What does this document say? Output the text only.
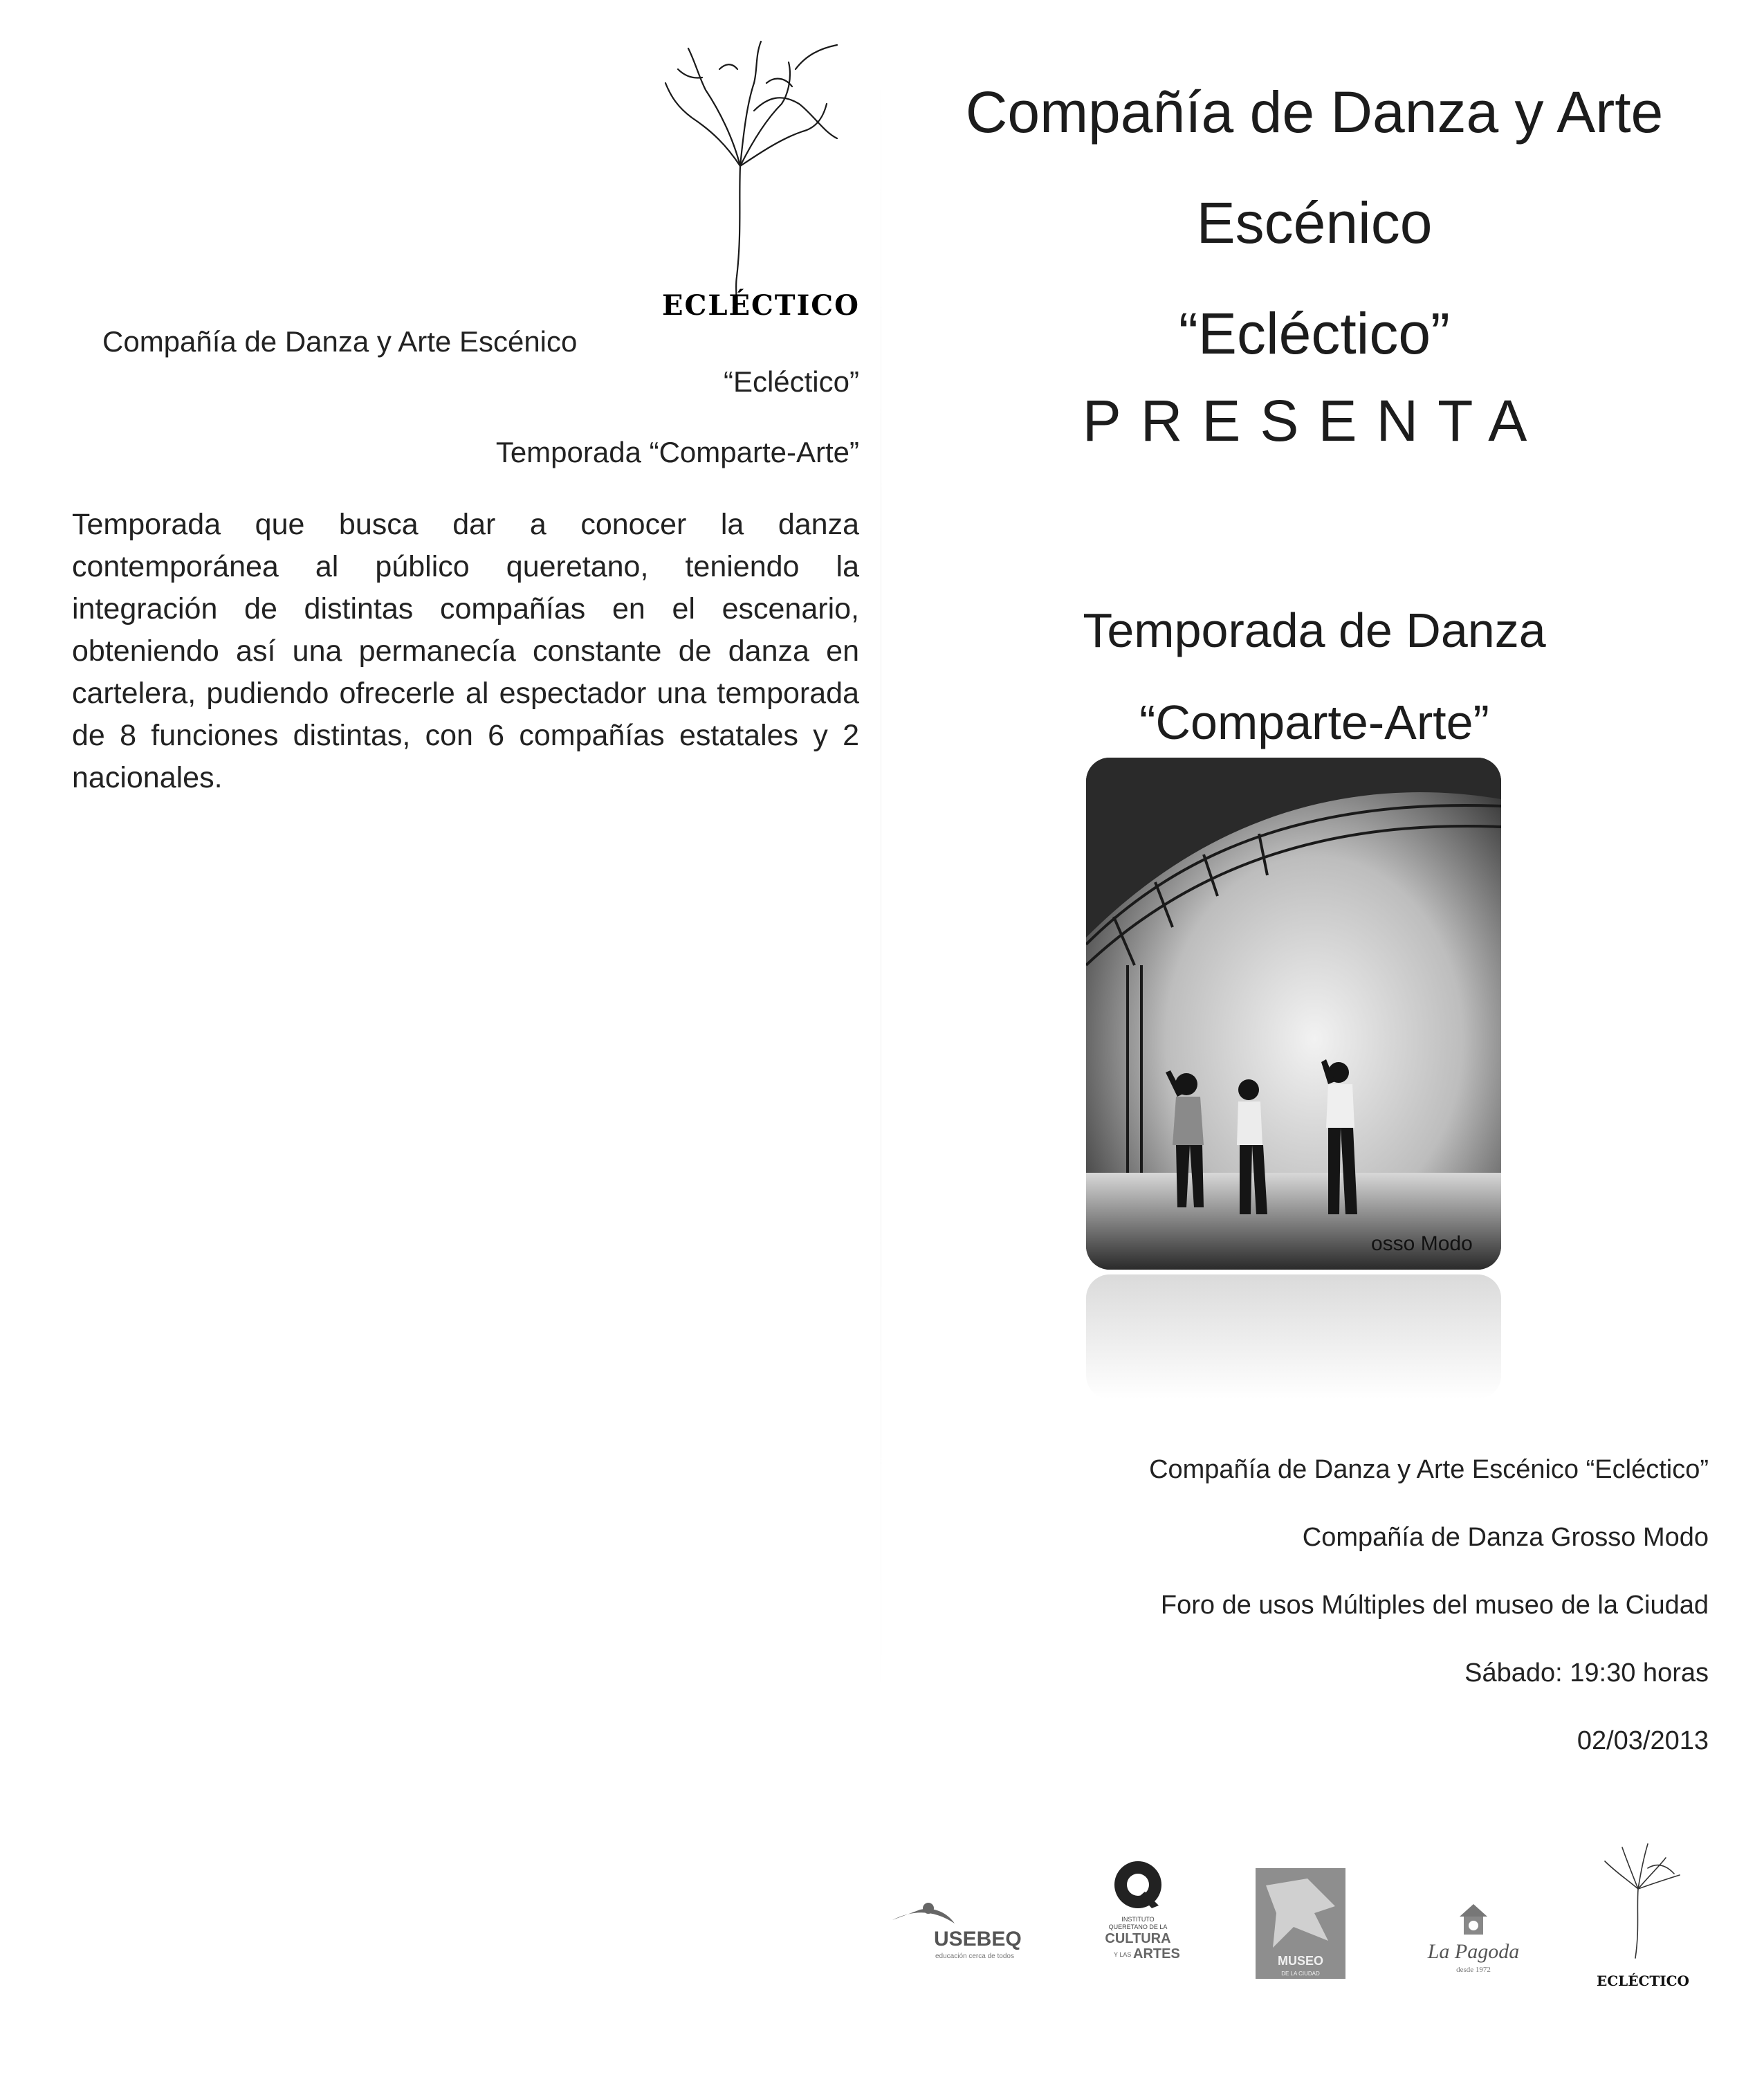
ECLÉCTICO
Compañía de Danza y Arte Escénico
“Ecléctico”
Temporada “Comparte-Arte”

Temporada que busca dar a conocer la danza contemporánea al público queretano, teniendo la integración de distintas compañías en el escenario, obteniendo así una permanecía constante de danza en cartelera, pudiendo ofrecerle al espectador una temporada de 8 funciones distintas, con 6 compañías estatales y 2 nacionales.

Compañía de Danza y Arte
Escénico
“Ecléctico”
PRESENTA
Temporada de Danza
“Comparte-Arte”
osso Modo
Compañía de Danza y Arte Escénico “Ecléctico”
Compañía de Danza Grosso Modo
Foro de usos Múltiples del museo de la Ciudad
Sábado: 19:30 horas
02/03/2013
USEBEQ
educación cerca de todos
INSTITUTO
QUERETANO DE LA
CULTURA
Y LAS ARTES	MUSEO
DE LA CIUDAD
La Pagoda
desde 1972
ECLÉCTICO
